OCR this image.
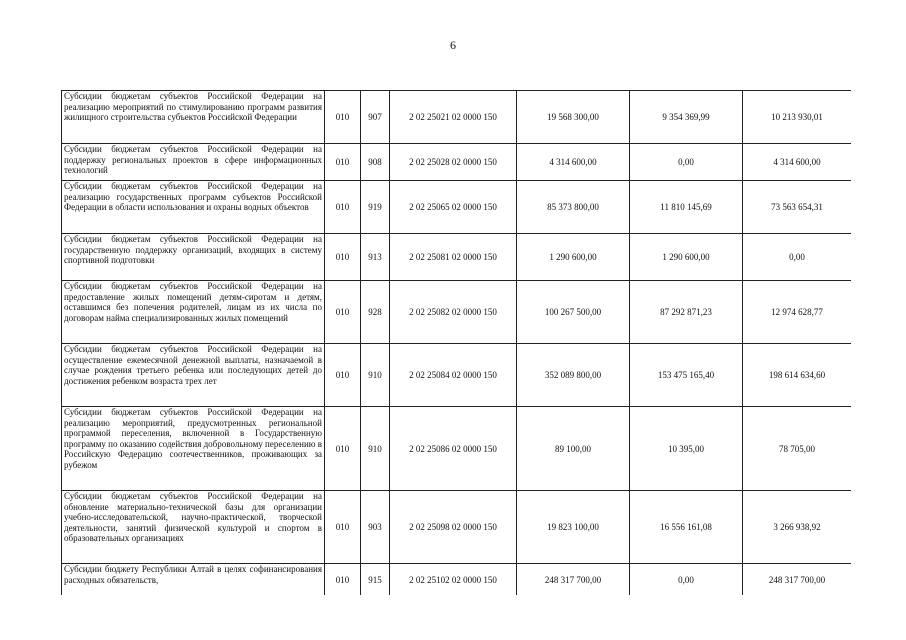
6
Субсидии бюджетам субъектов Российской Федерации на реализацию мероприятий по стимулированию программ развития жилищного строительства субъектов Российской Федерации	010	907	2 02 25021 02 0000 150	19 568 300,00	9 354 369,99	10 213 930,01
Субсидии бюджетам субъектов Российской Федерации на поддержку региональных проектов в сфере информационных технологий	010	908	2 02 25028 02 0000 150	4 314 600,00	0,00	4 314 600,00
Субсидии бюджетам субъектов Российской Федерации на реализацию государственных программ субъектов Российской Федерации в области использования и охраны водных объектов	010	919	2 02 25065 02 0000 150	85 373 800,00	11 810 145,69	73 563 654,31
Субсидии бюджетам субъектов Российской Федерации на государственную поддержку организаций, входящих в систему спортивной подготовки	010	913	2 02 25081 02 0000 150	1 290 600,00	1 290 600,00	0,00
Субсидии бюджетам субъектов Российской Федерации на предоставление жилых помещений детям-сиротам и детям, оставшимся без попечения родителей, лицам из их числа по договорам найма специализированных жилых помещений	010	928	2 02 25082 02 0000 150	100 267 500,00	87 292 871,23	12 974 628,77
Субсидии бюджетам субъектов Российской Федерации на осуществление ежемесячной денежной выплаты, назначаемой в случае рождения третьего ребенка или последующих детей до достижения ребенком возраста трех лет	010	910	2 02 25084 02 0000 150	352 089 800,00	153 475 165,40	198 614 634,60
Субсидии бюджетам субъектов Российской Федерации на реализацию мероприятий, предусмотренных региональной программой переселения, включенной в Государственную программу по оказанию содействия добровольному переселению в Российскую Федерацию соотечественников, проживающих за рубежом	010	910	2 02 25086 02 0000 150	89 100,00	10 395,00	78 705,00
Субсидии бюджетам субъектов Российской Федерации на обновление материально-технической базы для организации учебно-исследовательской, научно-практической, творческой деятельности, занятий физической культурой и спортом в образовательных организациях	010	903	2 02 25098 02 0000 150	19 823 100,00	16 556 161,08	3 266 938,92
Субсидии бюджету Республики Алтай в целях софинансирования расходных обязательств,	010	915	2 02 25102 02 0000 150	248 317 700,00	0,00	248 317 700,00
